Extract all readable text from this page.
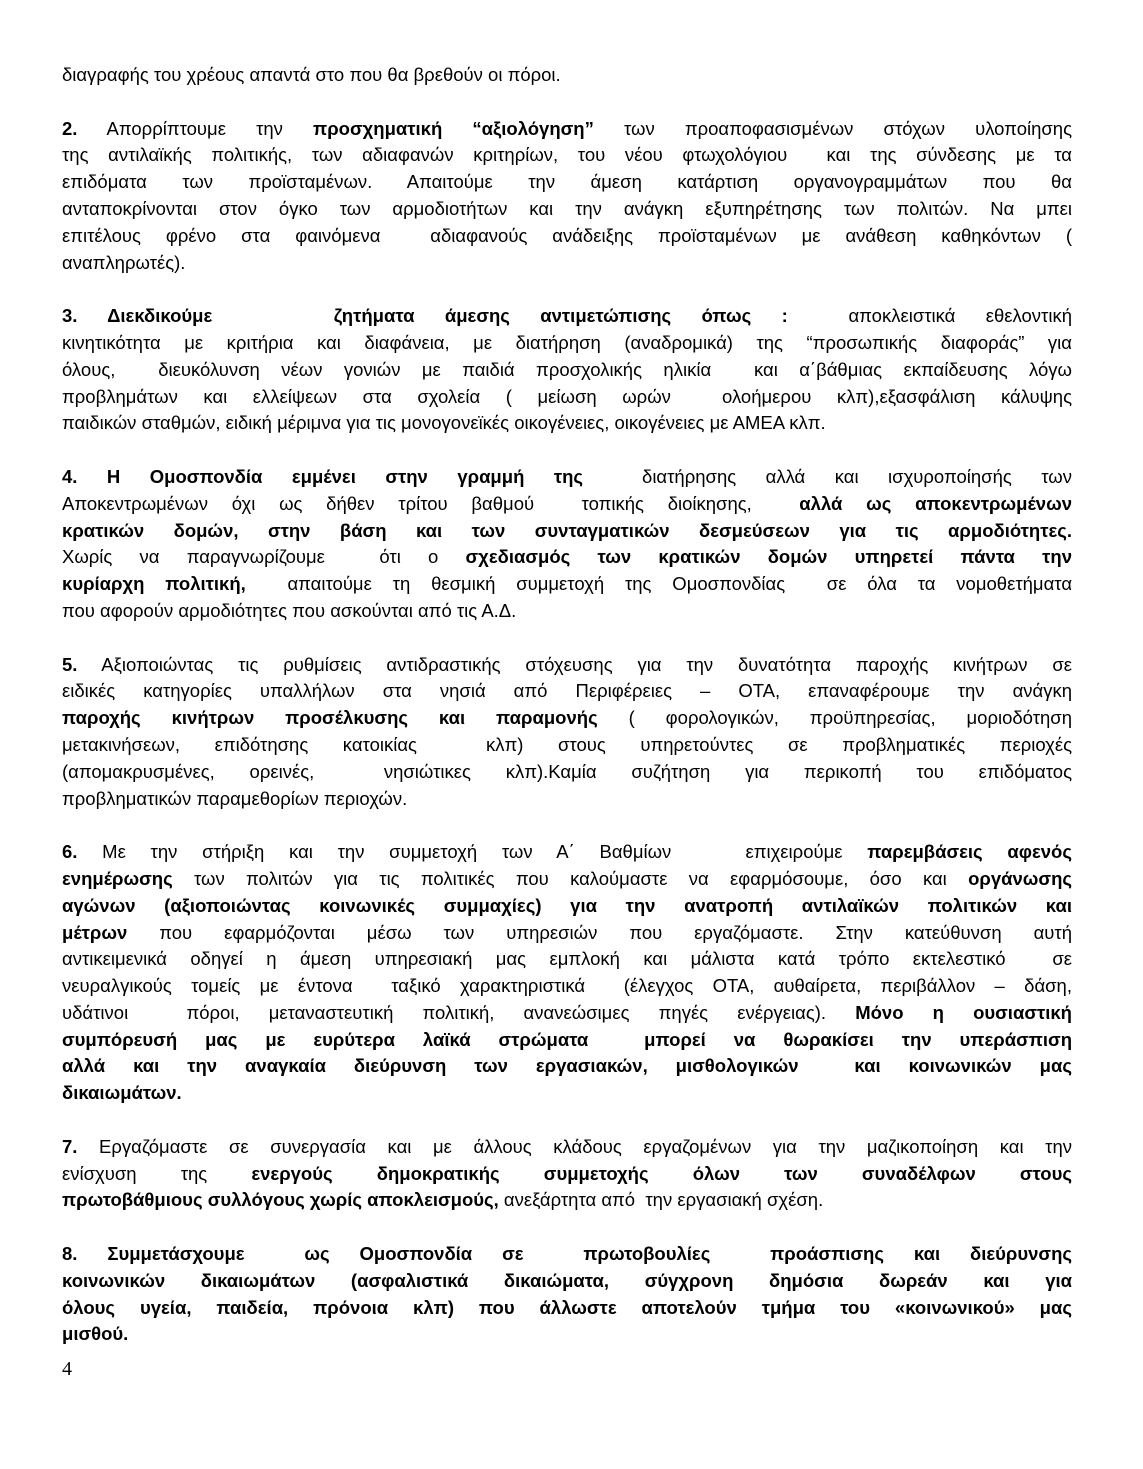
διαγραφής του χρέους απαντά στο που θα βρεθούν οι πόροι.
2. Απορρίπτουμε την προσχηματική “αξιολόγηση” των προαποφασισμένων στόχων υλοποίησης
της αντιλαϊκής πολιτικής, των αδιαφανών κριτηρίων, του νέου φτωχολόγιου  και της σύνδεσης με τα
επιδόματα των προϊσταμένων. Απαιτούμε την άμεση κατάρτιση οργανογραμμάτων που θα
ανταποκρίνονται στον όγκο των αρμοδιοτήτων και την ανάγκη εξυπηρέτησης των πολιτών. Να μπει
επιτέλους φρένο στα φαινόμενα  αδιαφανούς ανάδειξης προϊσταμένων με ανάθεση καθηκόντων (
αναπληρωτές).
3. Διεκδικούμε    ζητήματα άμεσης αντιμετώπισης όπως :  αποκλειστικά εθελοντική
κινητικότητα με κριτήρια και διαφάνεια, με διατήρηση (αναδρομικά) της “προσωπικής διαφοράς” για
όλους,  διευκόλυνση νέων γονιών με παιδιά προσχολικής ηλικία  και α΄βάθμιας εκπαίδευσης λόγω
προβλημάτων και ελλείψεων στα σχολεία ( μείωση ωρών  ολοήμερου κλπ),εξασφάλιση κάλυψης
παιδικών σταθμών, ειδική μέριμνα για τις μονογονεϊκές οικογένειες, οικογένειες με ΑΜΕΑ κλπ.
4. Η Ομοσπονδία εμμένει στην γραμμή της  διατήρησης αλλά και ισχυροποίησής των
Αποκεντρωμένων όχι ως δήθεν τρίτου βαθμού  τοπικής διοίκησης,  αλλά ως αποκεντρωμένων
κρατικών δομών, στην βάση και των συνταγματικών δεσμεύσεων για τις αρμοδιότητες.
Χωρίς να παραγνωρίζουμε  ότι ο σχεδιασμός των κρατικών δομών υπηρετεί πάντα την
κυρίαρχη πολιτική,  απαιτούμε τη θεσμική συμμετοχή της Ομοσπονδίας  σε όλα τα νομοθετήματα
που αφορούν αρμοδιότητες που ασκούνται από τις Α.Δ.
5. Αξιοποιώντας τις ρυθμίσεις αντιδραστικής στόχευσης για την δυνατότητα παροχής κινήτρων σε
ειδικές κατηγορίες υπαλλήλων στα νησιά από Περιφέρειες – ΟΤΑ, επαναφέρουμε την ανάγκη
παροχής κινήτρων προσέλκυσης και παραμονής ( φορολογικών, προϋπηρεσίας, μοριοδότηση
μετακινήσεων, επιδότησης κατοικίας  κλπ) στους υπηρετούντες σε προβληματικές περιοχές
(απομακρυσμένες, ορεινές,  νησιώτικες κλπ).Καμία συζήτηση για περικοπή του επιδόματος
προβληματικών παραμεθορίων περιοχών.
6. Με την στήριξη και την συμμετοχή των Α΄ Βαθμίων   επιχειρούμε παρεμβάσεις αφενός
ενημέρωσης των πολιτών για τις πολιτικές που καλούμαστε να εφαρμόσουμε, όσο και οργάνωσης
αγώνων (αξιοποιώντας κοινωνικές συμμαχίες) για την ανατροπή αντιλαϊκών πολιτικών και
μέτρων που εφαρμόζονται μέσω των υπηρεσιών που εργαζόμαστε. Στην κατεύθυνση αυτή
αντικειμενικά οδηγεί η άμεση υπηρεσιακή μας εμπλοκή και μάλιστα κατά τρόπο εκτελεστικό  σε
νευραλγικούς τομείς με έντονα  ταξικό χαρακτηριστικά  (έλεγχος ΟΤΑ, αυθαίρετα, περιβάλλον – δάση,
υδάτινοι  πόροι, μεταναστευτική πολιτική, ανανεώσιμες πηγές ενέργειας). Μόνο η ουσιαστική
συμπόρευσή μας με ευρύτερα λαϊκά στρώματα  μπορεί να θωρακίσει την υπεράσπιση
αλλά και την αναγκαία διεύρυνση των εργασιακών, μισθολογικών  και κοινωνικών μας
δικαιωμάτων.
7. Εργαζόμαστε σε συνεργασία και με άλλους κλάδους εργαζομένων για την μαζικοποίηση και την
ενίσχυση της ενεργούς δημοκρατικής συμμετοχής όλων των συναδέλφων στους
πρωτοβάθμιους συλλόγους χωρίς αποκλεισμούς, ανεξάρτητα από  την εργασιακή σχέση.
8. Συμμετάσχουμε  ως Ομοσπονδία σε  πρωτοβουλίες  προάσπισης και διεύρυνσης
κοινωνικών δικαιωμάτων (ασφαλιστικά δικαιώματα, σύγχρονη δημόσια δωρεάν και για
όλους υγεία, παιδεία, πρόνοια κλπ) που άλλωστε αποτελούν τμήμα του «κοινωνικού» μας
μισθού.
4
